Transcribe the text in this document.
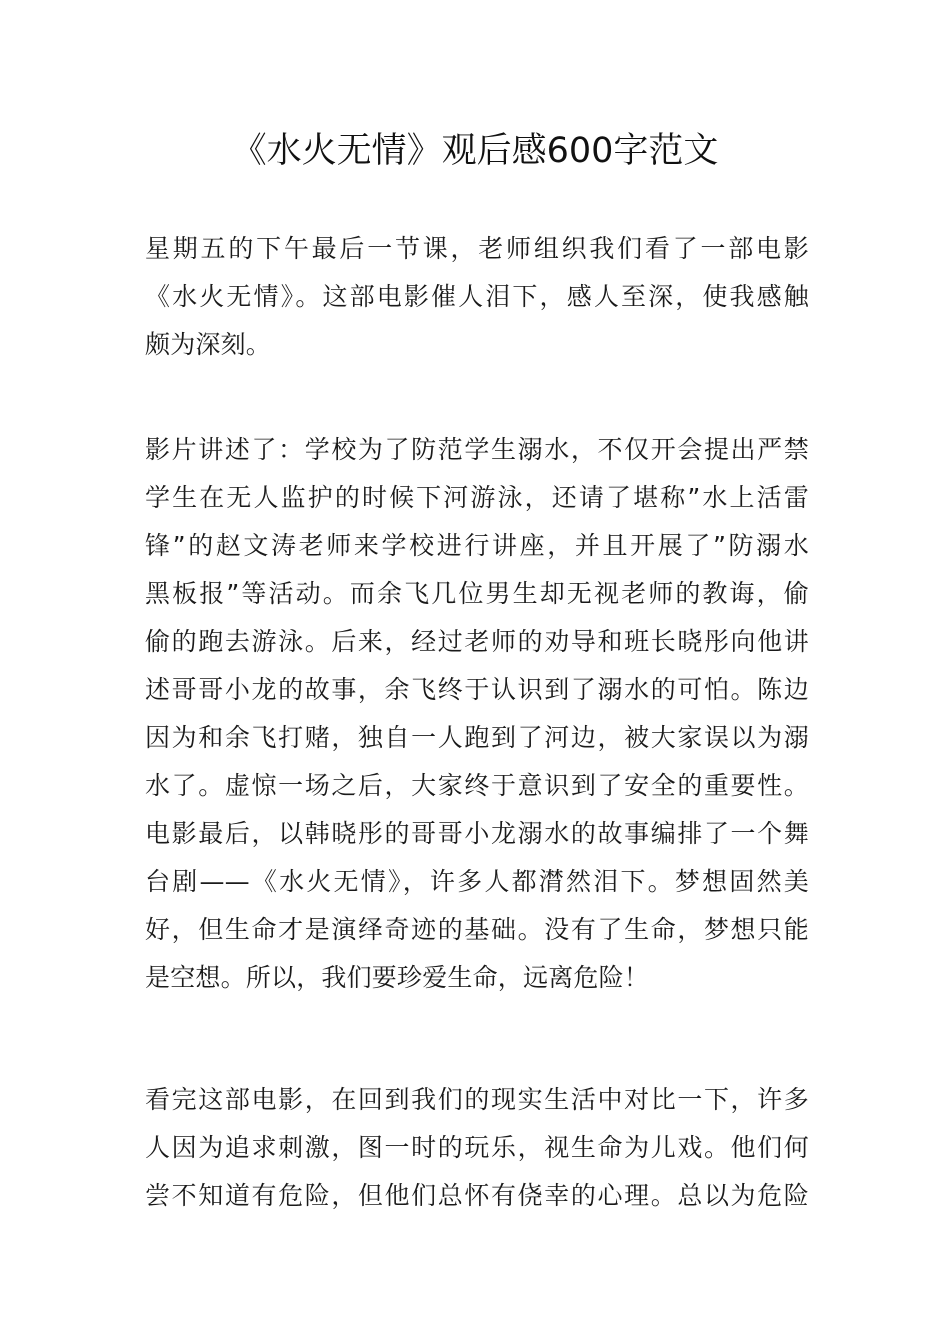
《水火无情》观后感600字范文
星期五的下午最后一节课，老师组织我们看了一部电影
《水火无情》。这部电影催人泪下，感人至深，使我感触
颇为深刻。
影片讲述了：学校为了防范学生溺水，不仅开会提出严禁
学生在无人监护的时候下河游泳，还请了堪称”水上活雷
锋”的赵文涛老师来学校进行讲座，并且开展了”防溺水
黑板报”等活动。而余飞几位男生却无视老师的教诲，偷
偷的跑去游泳。后来，经过老师的劝导和班长晓彤向他讲
述哥哥小龙的故事，余飞终于认识到了溺水的可怕。陈边
因为和余飞打赌，独自一人跑到了河边，被大家误以为溺
水了。虚惊一场之后，大家终于意识到了安全的重要性。
电影最后，以韩晓彤的哥哥小龙溺水的故事编排了一个舞
台剧——《水火无情》，许多人都潸然泪下。梦想固然美
好，但生命才是演绎奇迹的基础。没有了生命，梦想只能
是空想。所以，我们要珍爱生命，远离危险！
看完这部电影，在回到我们的现实生活中对比一下，许多
人因为追求刺激，图一时的玩乐，视生命为儿戏。他们何
尝不知道有危险，但他们总怀有侥幸的心理。总以为危险
